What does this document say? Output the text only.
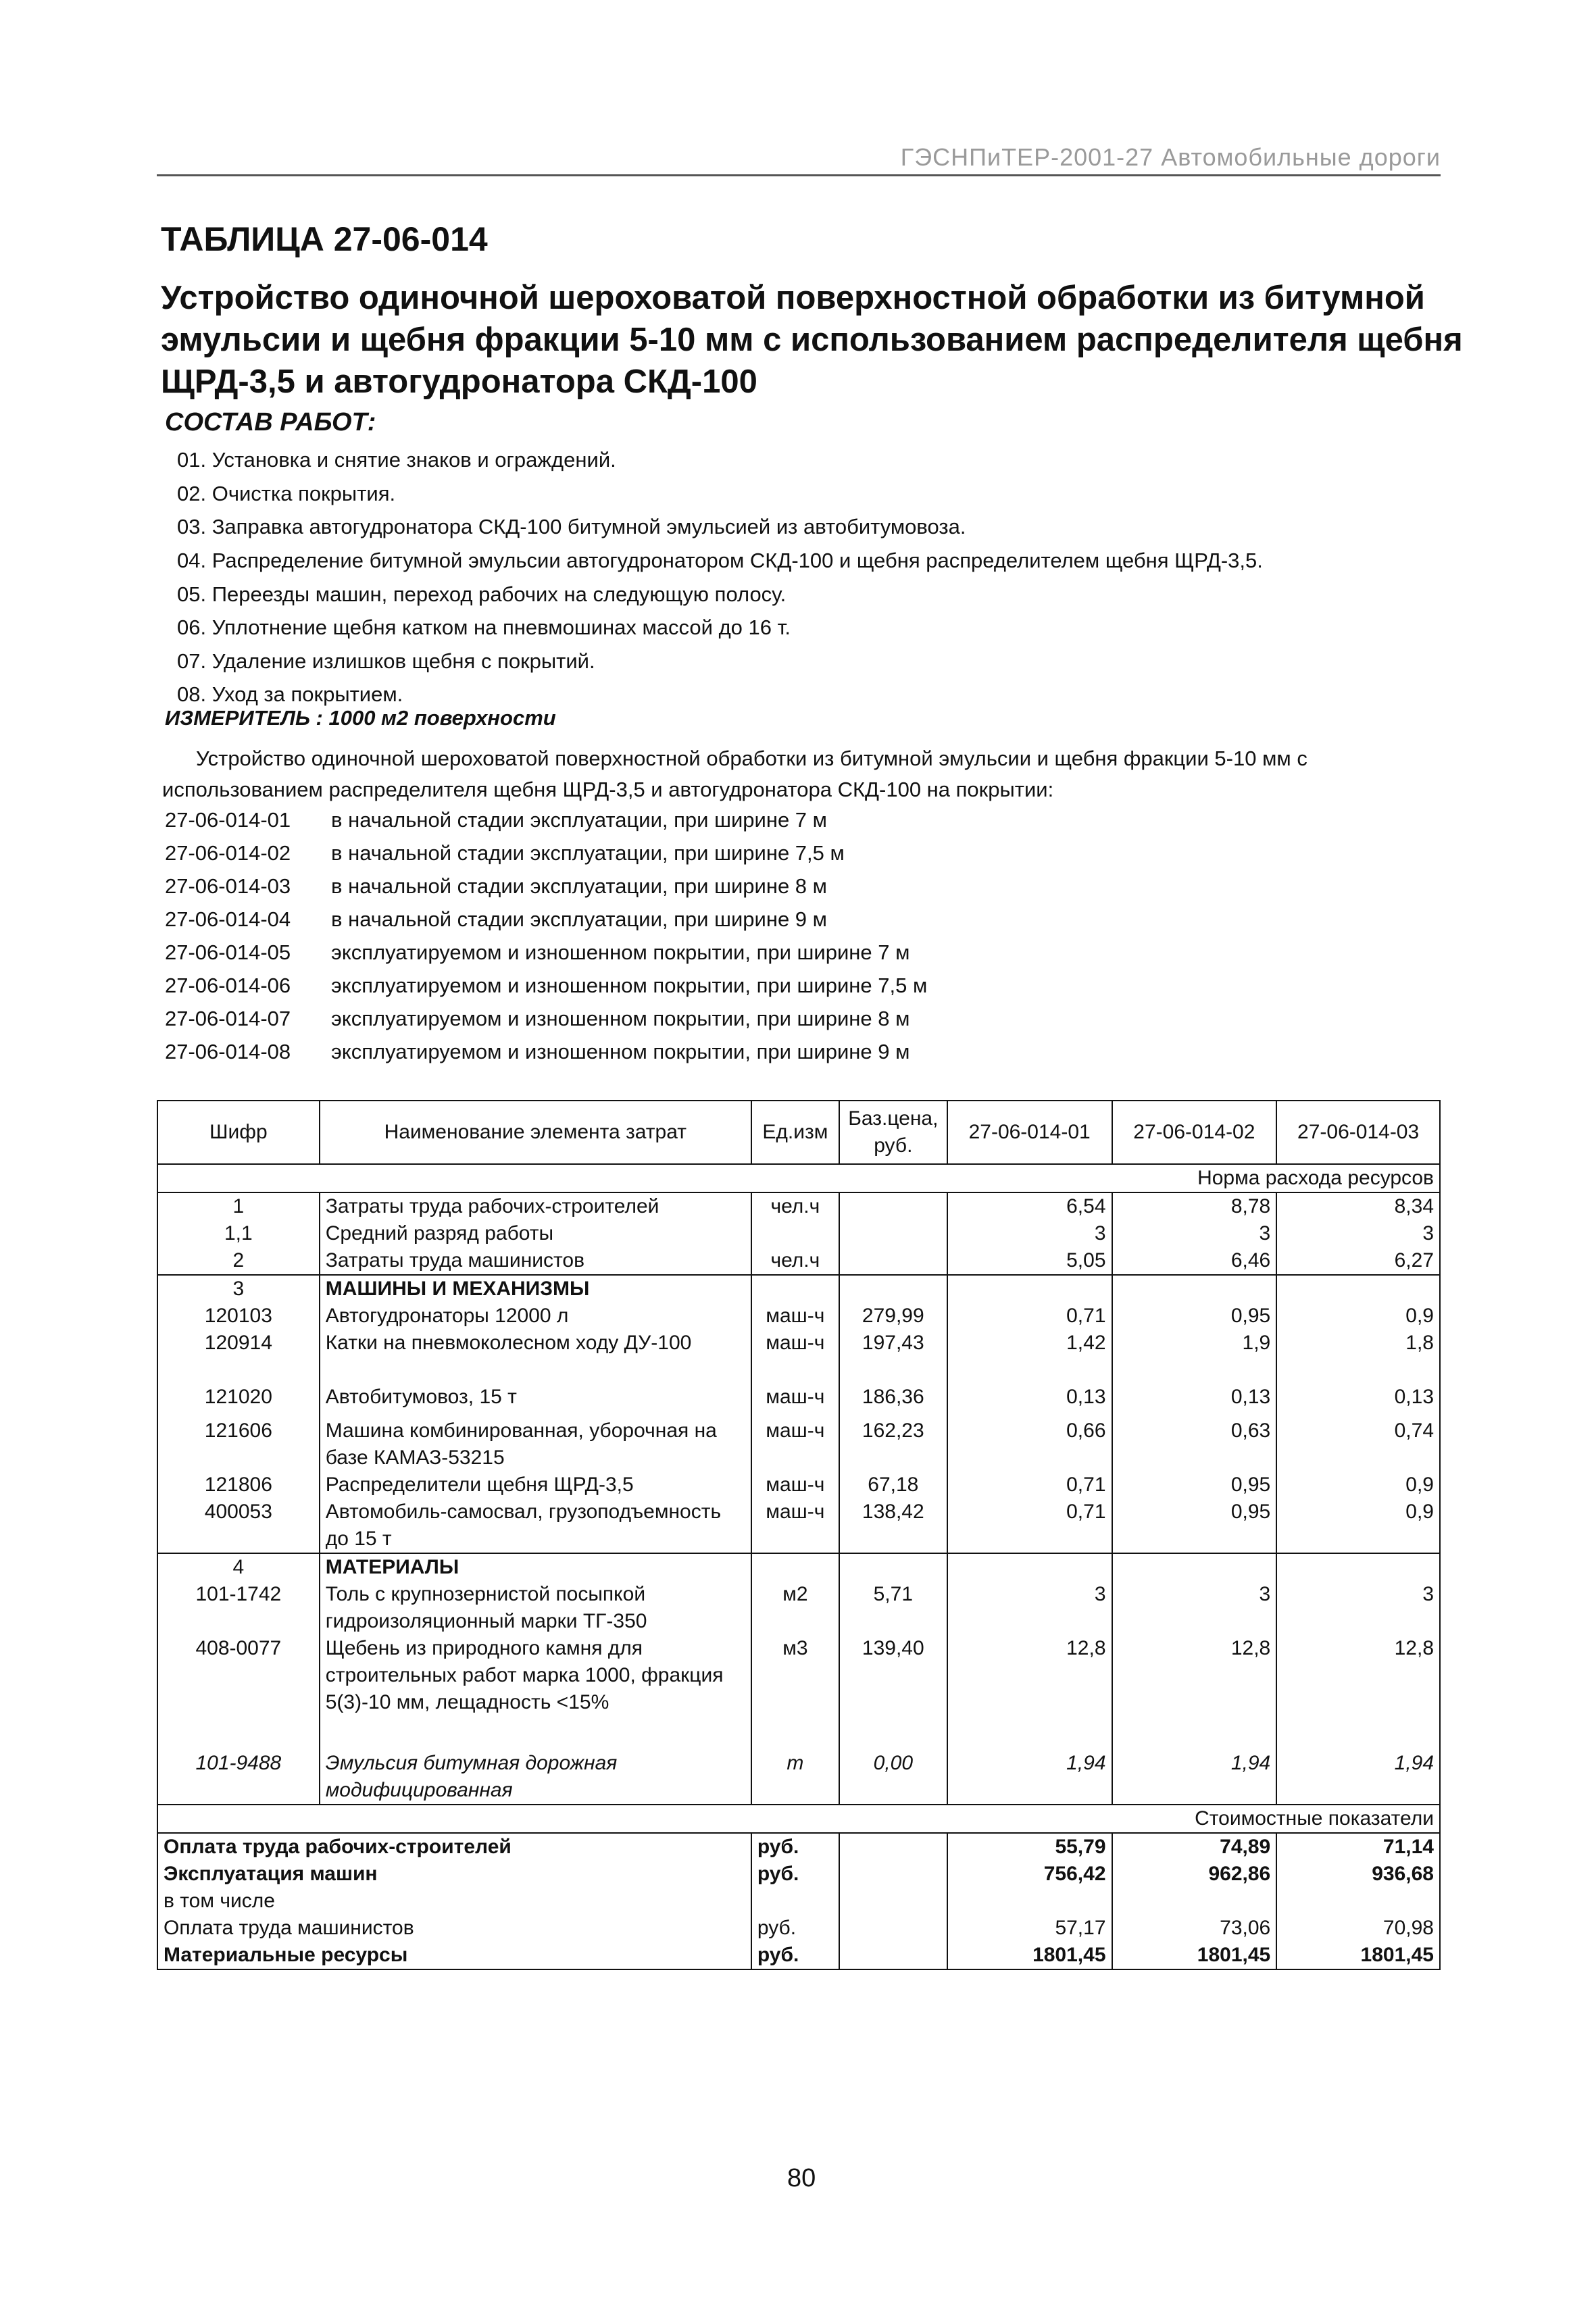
ГЭСНПиТЕР-2001-27 Автомобильные дороги
ТАБЛИЦА 27-06-014
Устройство одиночной шероховатой поверхностной обработки из битумной эмульсии и щебня фракции 5-10 мм с использованием распределителя щебня ЩРД-3,5 и автогудронатора СКД-100
СОСТАВ РАБОТ:
01. Установка и снятие знаков и ограждений.
02. Очистка покрытия.
03. Заправка автогудронатора СКД-100 битумной эмульсией из автобитумовоза.
04. Распределение битумной эмульсии автогудронатором СКД-100 и щебня распределителем щебня ЩРД-3,5.
05. Переезды машин, переход рабочих на следующую полосу.
06. Уплотнение щебня катком на пневмошинах массой до 16 т.
07. Удаление излишков щебня с покрытий.
08. Уход за покрытием.
ИЗМЕРИТЕЛЬ : 1000 м2 поверхности
Устройство одиночной шероховатой поверхностной обработки из битумной эмульсии и щебня фракции 5-10 мм с использованием распределителя щебня ЩРД-3,5 и автогудронатора СКД-100 на покрытии:
27-06-014-01 в начальной стадии эксплуатации, при ширине 7 м
27-06-014-02 в начальной стадии эксплуатации, при ширине 7,5 м
27-06-014-03 в начальной стадии эксплуатации, при ширине 8 м
27-06-014-04 в начальной стадии эксплуатации, при ширине 9 м
27-06-014-05 эксплуатируемом и изношенном покрытии, при ширине 7 м
27-06-014-06 эксплуатируемом и изношенном покрытии, при ширине 7,5 м
27-06-014-07 эксплуатируемом и изношенном покрытии, при ширине 8 м
27-06-014-08 эксплуатируемом и изношенном покрытии, при ширине 9 м
Шифр	Наименование элемента затрат	Ед.изм	Баз.цена, руб.	27-06-014-01	27-06-014-02	27-06-014-03
Норма расхода ресурсов						
1	Затраты труда рабочих-строителей	чел.ч		6,54	8,78	8,34
1,1	Средний разряд работы			3	3	3
2	Затраты труда машинистов	чел.ч		5,05	6,46	6,27
3	МАШИНЫ И МЕХАНИЗМЫ					
120103	Автогудронаторы 12000 л	маш-ч	279,99	0,71	0,95	0,9
120914	Катки на пневмоколесном ходу ДУ-100	маш-ч	197,43	1,42	1,9	1,8
121020	Автобитумовоз, 15 т	маш-ч	186,36	0,13	0,13	0,13
121606	Машина комбинированная, уборочная на базе КАМАЗ-53215	маш-ч	162,23	0,66	0,63	0,74
121806	Распределители щебня ЩРД-3,5	маш-ч	67,18	0,71	0,95	0,9
400053	Автомобиль-самосвал, грузоподъемность до 15 т	маш-ч	138,42	0,71	0,95	0,9
4	МАТЕРИАЛЫ					
101-1742	Толь с крупнозернистой посыпкой гидроизоляционный марки ТГ-350	м2	5,71	3	3	3
408-0077	Щебень из природного камня для строительных работ марка 1000, фракция 5(3)-10 мм, лещадность <15%	м3	139,40	12,8	12,8	12,8
101-9488	Эмульсия битумная дорожная модифицированная	т	0,00	1,94	1,94	1,94
Стоимостные показатели						
Оплата труда рабочих-строителей		руб.		55,79	74,89	71,14
Эксплуатация машин		руб.		756,42	962,86	936,68
в том числе						
Оплата труда машинистов		руб.		57,17	73,06	70,98
Материальные ресурсы		руб.		1801,45	1801,45	1801,45
80
